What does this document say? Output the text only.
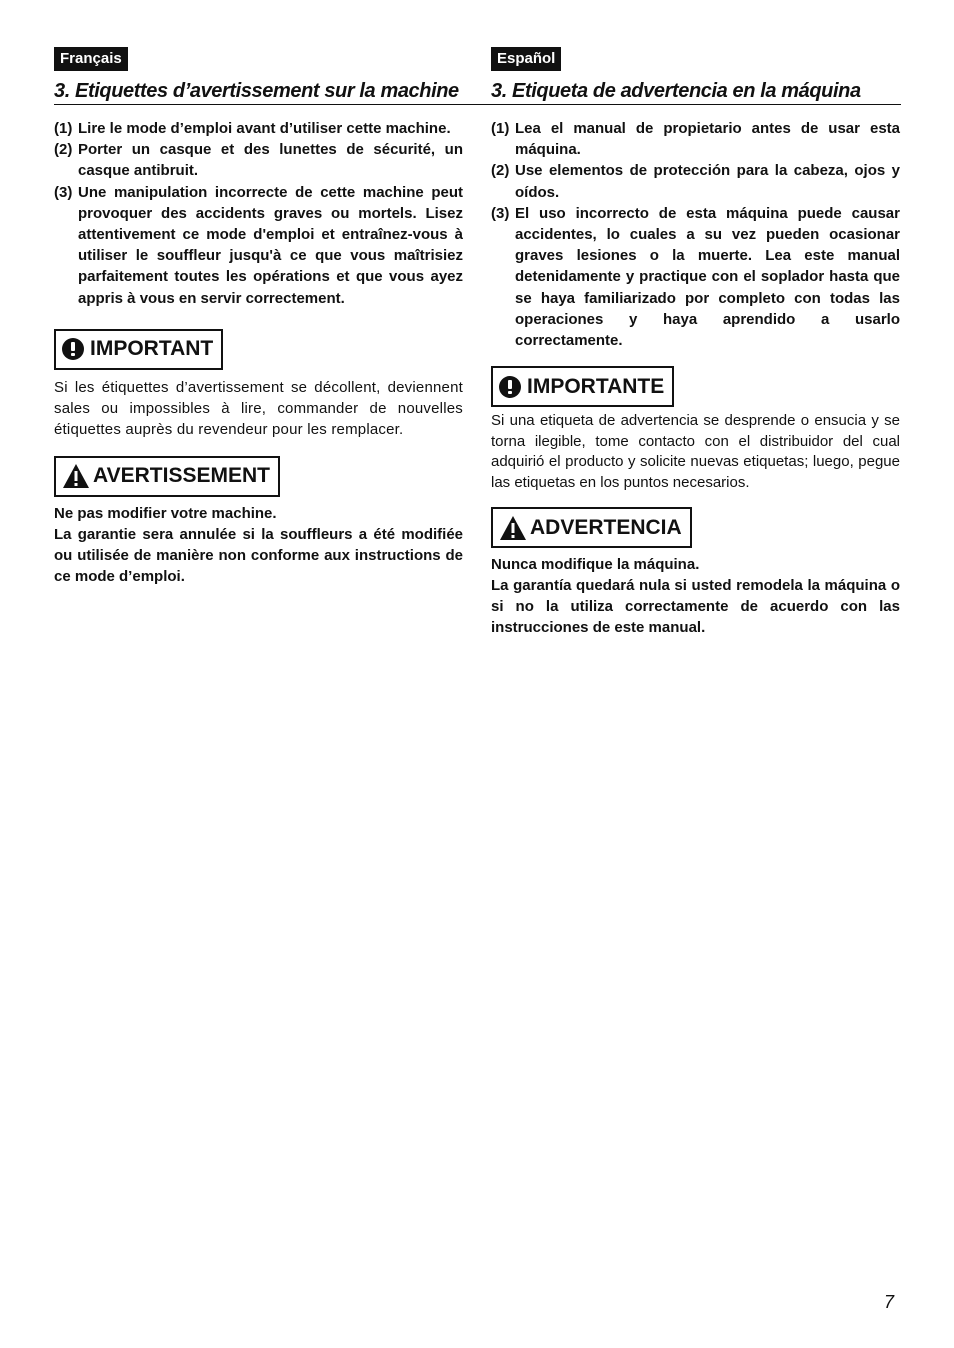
Français
3. Etiquettes d’avertissement sur la machine
(1) Lire le mode d’emploi avant d’utiliser cette machine.
(2) Porter un casque et des lunettes de sécurité, un casque antibruit.
(3) Une manipulation incorrecte de cette machine peut provoquer des accidents graves ou mortels. Lisez attentivement ce mode d'emploi et entraînez-vous à utiliser le souffleur jusqu'à ce que vous maîtrisiez parfaitement toutes les opérations et que vous ayez appris à vous en servir correctement.
IMPORTANT

Si les étiquettes d’avertissement se décollent, deviennent sales ou impossibles à lire, commander de nouvelles étiquettes auprès du revendeur pour les remplacer.

AVERTISSEMENT

Ne pas modifier votre machine.

La garantie sera annulée si la souffleurs a été modifiée ou utilisée de manière non conforme aux instructions de ce mode d’emploi.

Español
3. Etiqueta de advertencia en la máquina
(1) Lea el manual de propietario antes de usar esta máquina.
(2) Use elementos de protección para la cabeza, ojos y oídos.
(3) El uso incorrecto de esta máquina puede causar accidentes, lo cuales a su vez pueden ocasionar graves lesiones o la muerte. Lea este manual detenidamente y practique con el soplador hasta que se haya familiarizado por completo con todas las operaciones y haya aprendido a usarlo correctamente.
IMPORTANTE

Si una etiqueta de advertencia se desprende o ensucia y se torna ilegible, tome contacto con el distribuidor del cual adquirió el producto y solicite nuevas etiquetas; luego, pegue las etiquetas en los puntos necesarios.

ADVERTENCIA

Nunca modifique la máquina.

La garantía quedará nula si usted remodela la máquina o si no la utiliza correctamente de acuerdo con las instrucciones de este manual.

7
